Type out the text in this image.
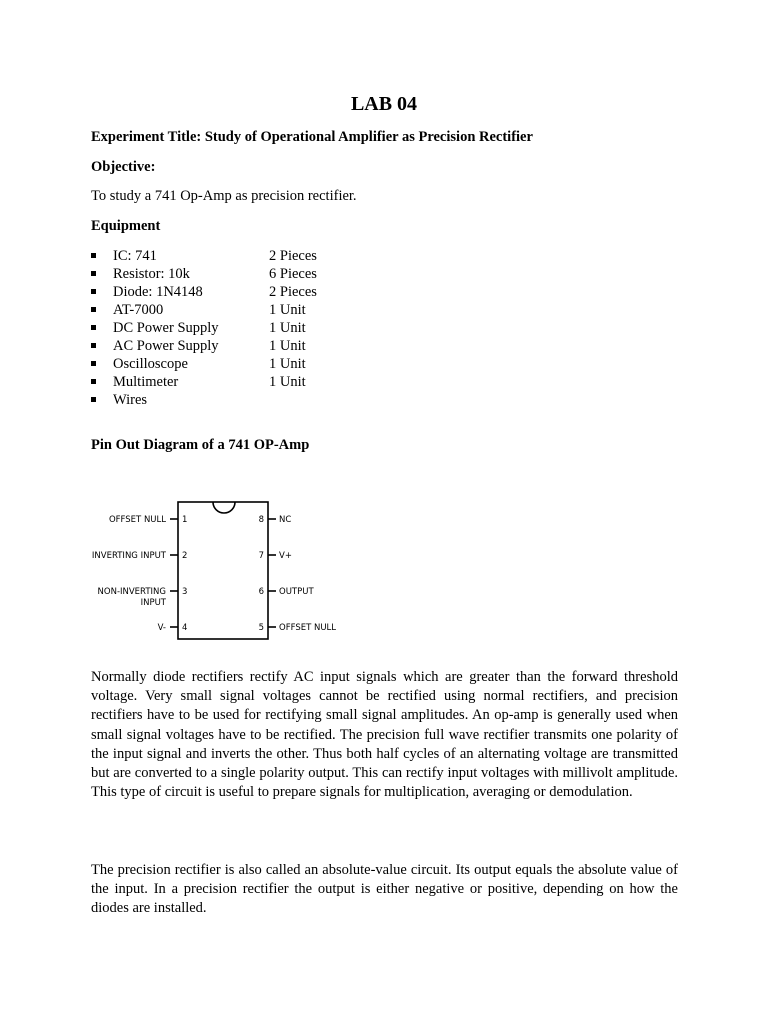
LAB 04
Experiment Title: Study of Operational Amplifier as Precision Rectifier
Objective:
To study a 741 Op-Amp as precision rectifier.
Equipment
IC: 741	2 Pieces
Resistor: 10k	6 Pieces
Diode: 1N4148	2 Pieces
AT-7000	1 Unit
DC Power Supply	1 Unit
AC Power Supply	1 Unit
Oscilloscope	1 Unit
Multimeter	1 Unit
Wires
Pin Out Diagram of a 741 OP-Amp
OFFSET NULL
INVERTING INPUT
NON-INVERTING
INPUT
V-
1
2
3
4
8
7
6
5
NC
V+
OUTPUT
OFFSET NULL

Normally diode rectifiers rectify AC input signals which are greater than the forward threshold voltage. Very small signal voltages cannot be rectified using normal rectifiers, and precision rectifiers have to be used for rectifying small signal amplitudes. An op-amp is generally used when small signal voltages have to be rectified. The precision full wave rectifier transmits one polarity of the input signal and inverts the other. Thus both half cycles of an alternating voltage are transmitted but are converted to a single polarity output. This can rectify input voltages with millivolt amplitude. This type of circuit is useful to prepare signals for multiplication, averaging or demodulation.

The precision rectifier is also called an absolute-value circuit. Its output equals the absolute value of the input. In a precision rectifier the output is either negative or positive, depending on how the diodes are installed.
